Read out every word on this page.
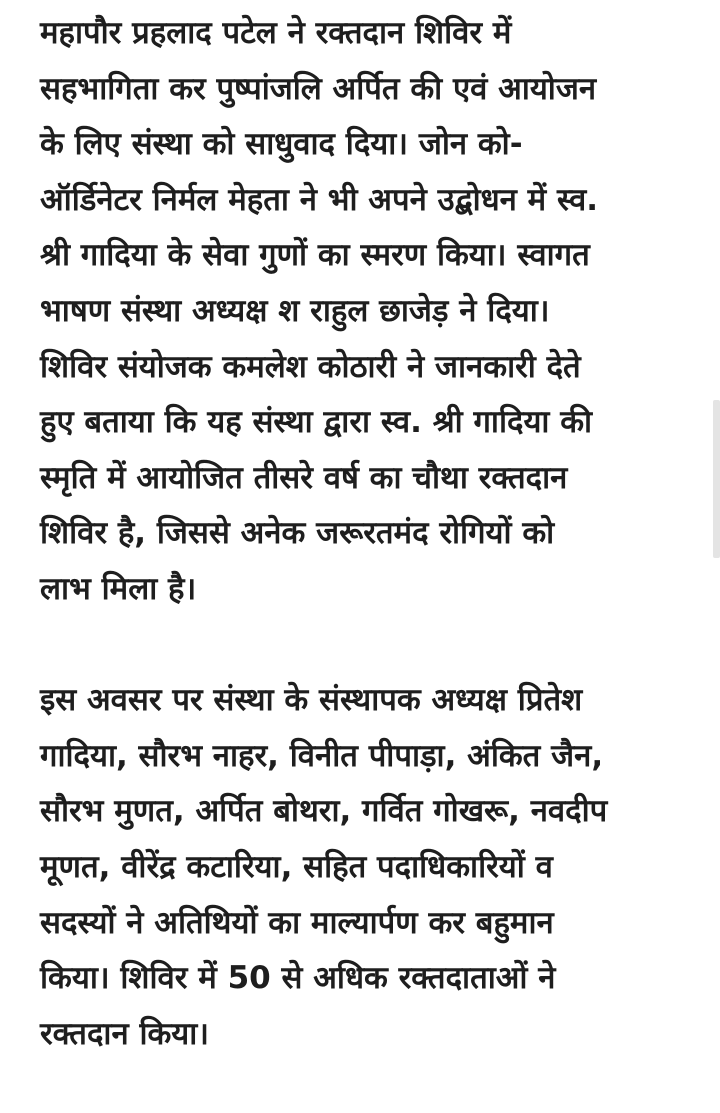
महापौर प्रहलाद पटेल ने रक्तदान शिविर में
सहभागिता कर पुष्पांजलि अर्पित की एवं आयोजन
के लिए संस्था को साधुवाद दिया। जोन को-
ऑर्डिनेटर निर्मल मेहता ने भी अपने उद्बोधन में स्व.
श्री गादिया के सेवा गुणों का स्मरण किया। स्वागत
भाषण संस्था अध्यक्ष श राहुल छाजेड़ ने दिया।
शिविर संयोजक कमलेश कोठारी ने जानकारी देते
हुए बताया कि यह संस्था द्वारा स्व. श्री गादिया की
स्मृति में आयोजित तीसरे वर्ष का चौथा रक्तदान
शिविर है, जिससे अनेक जरूरतमंद रोगियों को
लाभ मिला है।
इस अवसर पर संस्था के संस्थापक अध्यक्ष प्रितेश
गादिया, सौरभ नाहर, विनीत पीपाड़ा, अंकित जैन,
सौरभ मुणत, अर्पित बोथरा, गर्वित गोखरू, नवदीप
मूणत, वीरेंद्र कटारिया, सहित पदाधिकारियों व
सदस्यों ने अतिथियों का माल्यार्पण कर बहुमान
किया। शिविर में 50 से अधिक रक्तदाताओं ने
रक्तदान किया।
